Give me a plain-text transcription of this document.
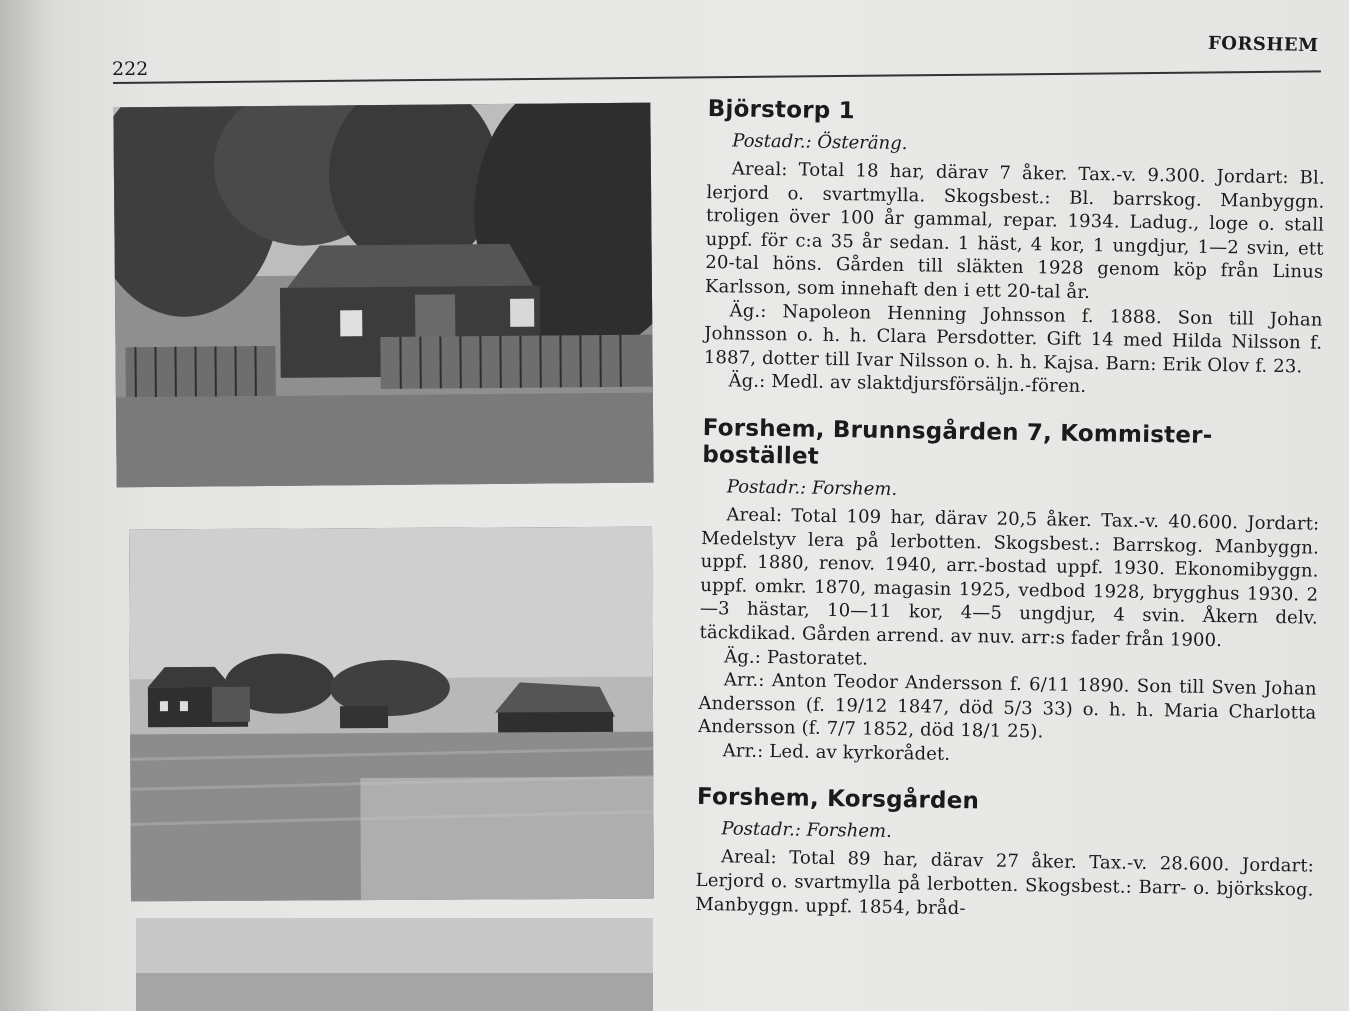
222
FORSHEM
Björstorp 1
Postadr.: Österäng.

Areal: Total 18 har, därav 7 åker. Tax.-v. 9.300. Jordart: Bl. lerjord o. svartmylla. Skogsbest.: Bl. barrskog. Manbyggn. troligen över 100 år gammal, repar. 1934. Ladug., loge o. stall uppf. för c:a 35 år sedan. 1 häst, 4 kor, 1 ungdjur, 1—2 svin, ett 20-tal höns. Gården till släkten 1928 genom köp från Linus Karlsson, som innehaft den i ett 20-tal år.

Äg.: Napoleon Henning Johnsson f. 1888. Son till Johan Johnsson o. h. h. Clara Persdotter. Gift 14 med Hilda Nilsson f. 1887, dotter till Ivar Nilsson o. h. h. Kajsa. Barn: Erik Olov f. 23.

Äg.: Medl. av slaktdjursförsäljn.-fören.

Forshem, Brunnsgården 7, Kommister-bostället
Postadr.: Forshem.

Areal: Total 109 har, därav 20,5 åker. Tax.-v. 40.600. Jordart: Medelstyv lera på lerbotten. Skogsbest.: Barrskog. Manbyggn. uppf. 1880, renov. 1940, arr.-bostad uppf. 1930. Ekonomibyggn. uppf. omkr. 1870, magasin 1925, vedbod 1928, brygghus 1930. 2—3 hästar, 10—11 kor, 4—5 ungdjur, 4 svin. Åkern delv. täckdikad. Gården arrend. av nuv. arr:s fader från 1900.

Äg.: Pastoratet.

Arr.: Anton Teodor Andersson f. 6/11 1890. Son till Sven Johan Andersson (f. 19/12 1847, död 5/3 33) o. h. h. Maria Charlotta Andersson (f. 7/7 1852, död 18/1 25).

Arr.: Led. av kyrkorådet.

Forshem, Korsgården
Postadr.: Forshem.

Areal: Total 89 har, därav 27 åker. Tax.-v. 28.600. Jordart: Lerjord o. svartmylla på lerbotten. Skogsbest.: Barr- o. björkskog. Manbyggn. uppf. 1854, bråd-
